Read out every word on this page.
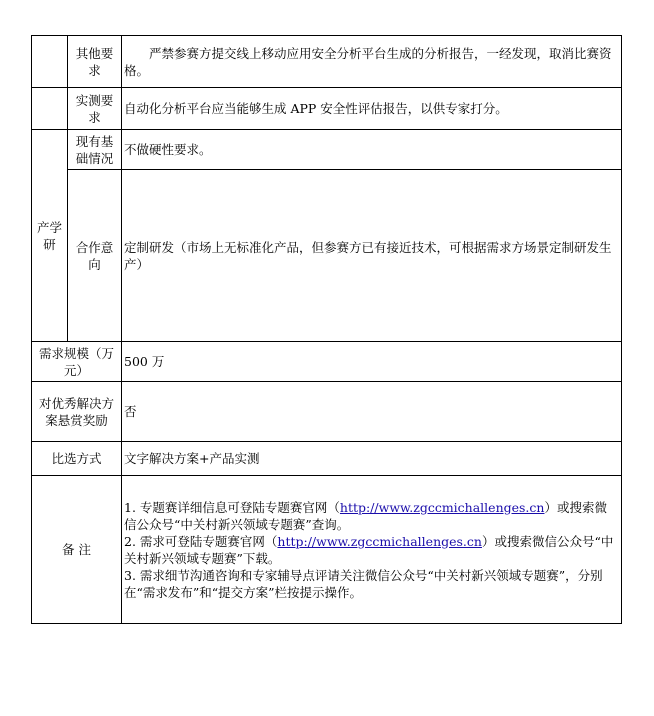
	其他要求	严禁参赛方提交线上移动应用安全分析平台生成的分析报告，一经发现，取消比赛资格。
	实测要求	自动化分析平台应当能够生成 APP 安全性评估报告，以供专家打分。
产学研	现有基础情况	不做硬性要求。
	合作意向	定制研发（市场上无标准化产品，但参赛方已有接近技术，可根据需求方场景定制研发生产）
需求规模（万元）		500 万
对优秀解决方案悬赏奖励		否
比选方式		文字解决方案+产品实测
备 注		1. 专题赛详细信息可登陆专题赛官网（http://www.zgccmichallenges.cn）或搜索微信公众号“中关村新兴领域专题赛”查询。
2. 需求可登陆专题赛官网（http://www.zgccmichallenges.cn）或搜索微信公众号“中关村新兴领域专题赛”下载。
3. 需求细节沟通咨询和专家辅导点评请关注微信公众号“中关村新兴领域专题赛”，分别在“需求发布”和“提交方案”栏按提示操作。
